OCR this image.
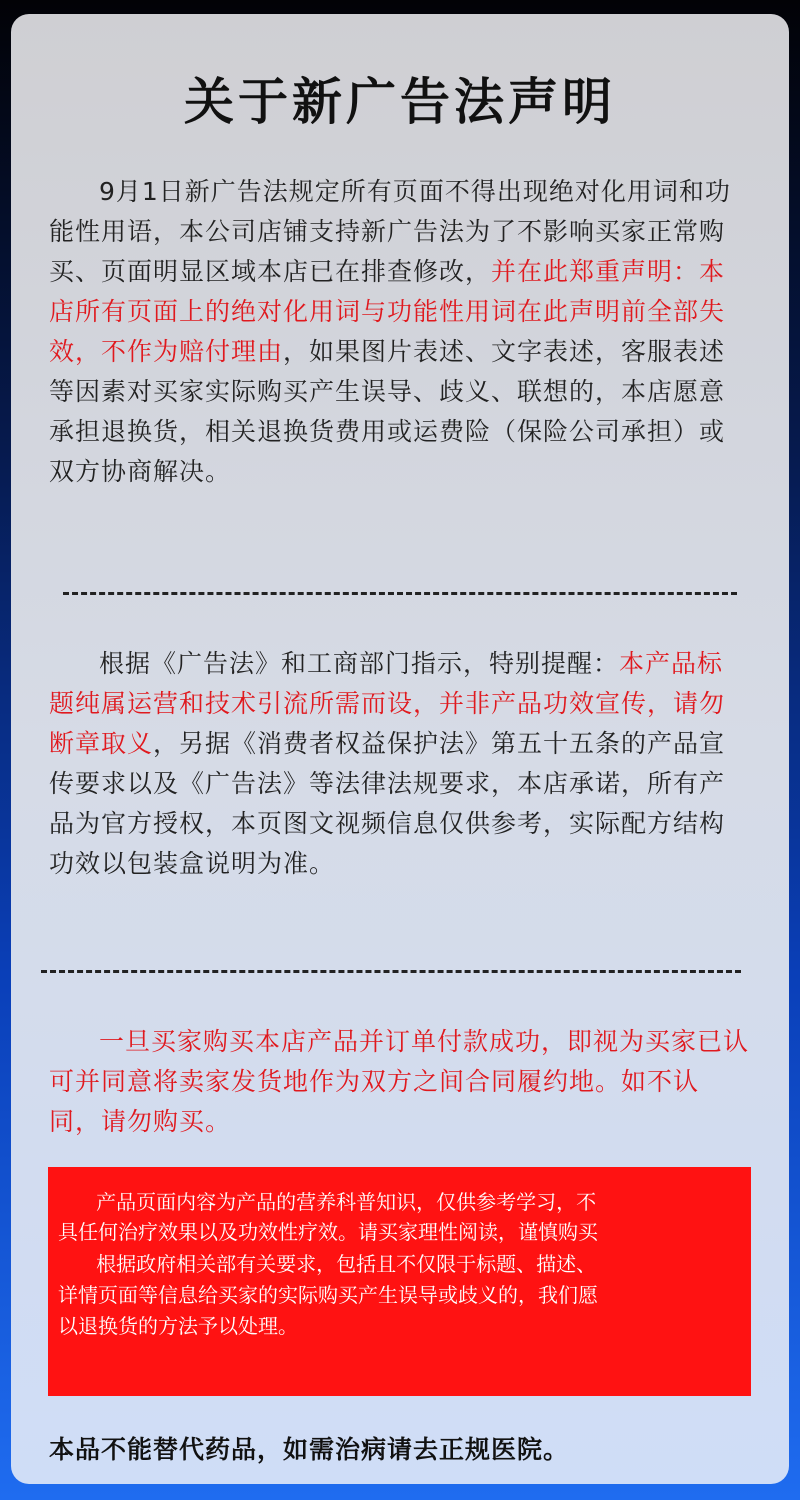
关于新广告法声明
9月1日新广告法规定所有页面不得出现绝对化用词和功能性用语，本公司店铺支持新广告法为了不影响买家正常购买、页面明显区域本店已在排查修改，并在此郑重声明：本店所有页面上的绝对化用词与功能性用词在此声明前全部失效，不作为赔付理由，如果图片表述、文字表述，客服表述等因素对买家实际购买产生误导、歧义、联想的，本店愿意承担退换货，相关退换货费用或运费险（保险公司承担）或双方协商解决。
根据《广告法》和工商部门指示，特别提醒：本产品标题纯属运营和技术引流所需而设，并非产品功效宣传，请勿断章取义，另据《消费者权益保护法》第五十五条的产品宣传要求以及《广告法》等法律法规要求，本店承诺，所有产品为官方授权，本页图文视频信息仅供参考，实际配方结构功效以包装盒说明为准。
一旦买家购买本店产品并订单付款成功，即视为买家已认可并同意将卖家发货地作为双方之间合同履约地。如不认同，请勿购买。
产品页面内容为产品的营养科普知识，仅供参考学习，不
具任何治疗效果以及功效性疗效。请买家理性阅读，谨慎购买
根据政府相关部有关要求，包括且不仅限于标题、描述、
详情页面等信息给买家的实际购买产生误导或歧义的，我们愿
以退换货的方法予以处理。
本品不能替代药品，如需治病请去正规医院。
